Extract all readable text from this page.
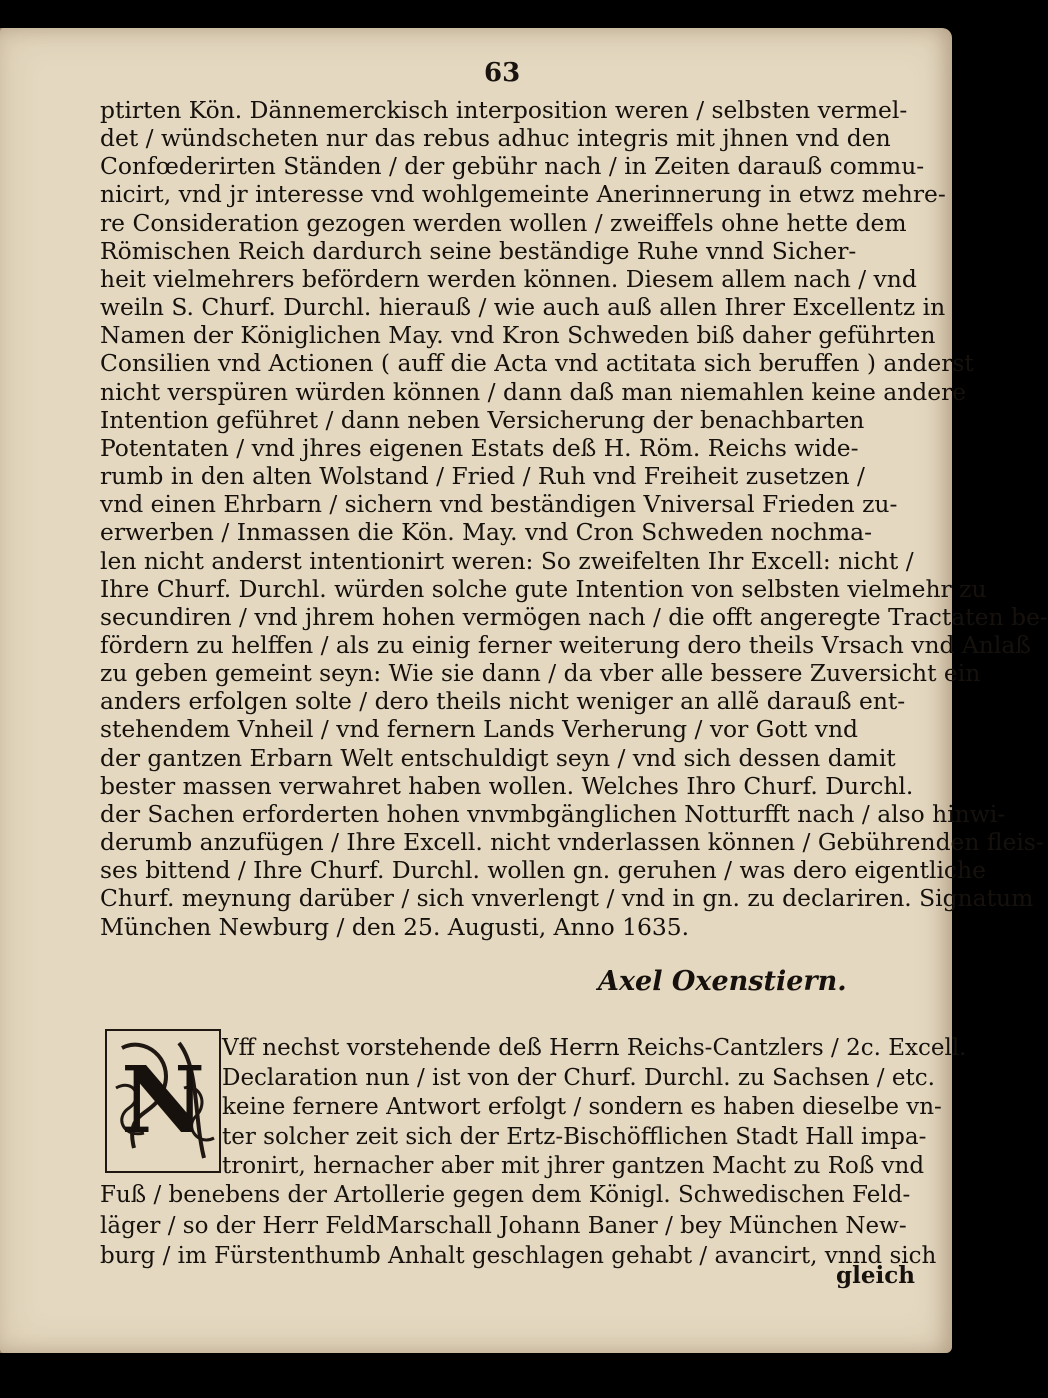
63
ptirten Kön. Dännemerckisch interposition weren / selbsten vermel-
det / wündscheten nur das rebus adhuc integris mit jhnen vnd den
Confœderirten Ständen / der gebühr nach / in Zeiten darauß commu-
nicirt, vnd jr interesse vnd wohlgemeinte Anerinnerung in etwz mehre-
re Consideration gezogen werden wollen / zweiffels ohne hette dem
Römischen Reich dardurch seine beständige Ruhe vnnd Sicher-
heit vielmehrers befördern werden können. Diesem allem nach / vnd
weiln S. Churf. Durchl. hierauß / wie auch auß allen Ihrer Excellentz in
Namen der Königlichen May. vnd Kron Schweden biß daher geführten
Consilien vnd Actionen ( auff die Acta vnd actitata sich beruffen ) anderst
nicht verspüren würden können / dann daß man niemahlen keine andere
Intention geführet / dann neben Versicherung der benachbarten
Potentaten / vnd jhres eigenen Estats deß H. Röm. Reichs wide-
rumb in den alten Wolstand / Fried / Ruh vnd Freiheit zusetzen /
vnd einen Ehrbarn / sichern vnd beständigen Vniversal Frieden zu-
erwerben / Inmassen die Kön. May. vnd Cron Schweden nochma-
len nicht anderst intentionirt weren: So zweifelten Ihr Excell: nicht /
Ihre Churf. Durchl. würden solche gute Intention von selbsten vielmehr zu
secundiren / vnd jhrem hohen vermögen nach / die offt angeregte Tractaten be-
fördern zu helffen / als zu einig ferner weiterung dero theils Vrsach vnd Anlaß
zu geben gemeint seyn: Wie sie dann / da vber alle bessere Zuversicht ein
anders erfolgen solte / dero theils nicht weniger an allẽ darauß ent-
stehendem Vnheil / vnd fernern Lands Verherung / vor Gott vnd
der gantzen Erbarn Welt entschuldigt seyn / vnd sich dessen damit
bester massen verwahret haben wollen. Welches Ihro Churf. Durchl.
der Sachen erforderten hohen vnvmbgänglichen Notturfft nach / also hinwi-
derumb anzufügen / Ihre Excell. nicht vnderlassen können / Gebührenden fleis-
ses bittend / Ihre Churf. Durchl. wollen gn. geruhen / was dero eigentliche
Churf. meynung darüber / sich vnverlengt / vnd in gn. zu declariren. Signatum
München Newburg / den 25. Augusti, Anno 1635.
Axel Oxenstiern.
N Vff nechst vorstehende deß Herrn Reichs-Cantzlers / 2c. Excell.
Declaration nun / ist von der Churf. Durchl. zu Sachsen / etc.
keine fernere Antwort erfolgt / sondern es haben dieselbe vn-
ter solcher zeit sich der Ertz-Bischöfflichen Stadt Hall impa-
tronirt, hernacher aber mit jhrer gantzen Macht zu Roß vnd
Fuß / benebens der Artollerie gegen dem Königl. Schwedischen Feld-
läger / so der Herr FeldMarschall Johann Baner / bey München New-
burg / im Fürstenthumb Anhalt geschlagen gehabt / avancirt, vnnd sich
gleich
